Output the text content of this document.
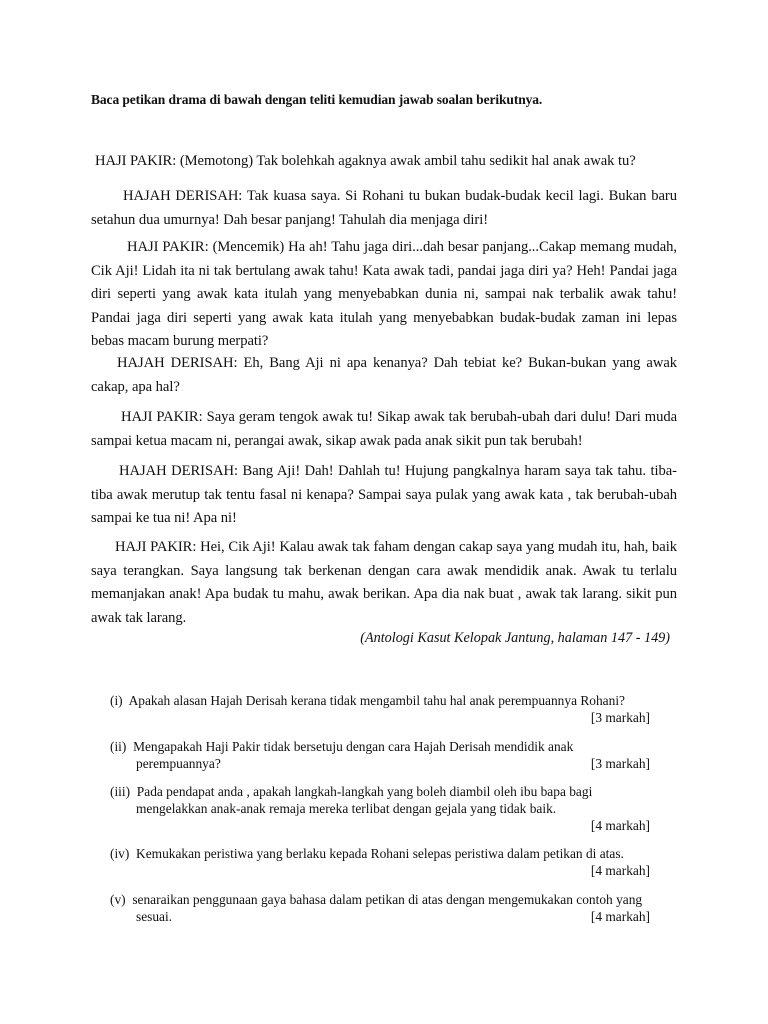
Baca petikan drama di bawah dengan teliti kemudian jawab soalan berikutnya.
HAJI PAKIR: (Memotong) Tak bolehkah agaknya awak ambil tahu sedikit hal anak awak tu?
HAJAH DERISAH: Tak kuasa saya. Si Rohani tu bukan budak-budak kecil lagi. Bukan baru setahun dua umurnya! Dah besar panjang! Tahulah dia menjaga diri!
HAJI PAKIR: (Mencemik) Ha ah! Tahu jaga diri...dah besar panjang...Cakap memang mudah, Cik Aji! Lidah ita ni tak bertulang awak tahu! Kata awak tadi, pandai jaga diri ya? Heh! Pandai jaga diri seperti yang awak kata itulah yang menyebabkan dunia ni, sampai nak terbalik awak tahu! Pandai jaga diri seperti yang awak kata itulah yang menyebabkan budak-budak zaman ini lepas bebas macam burung merpati?
HAJAH DERISAH: Eh, Bang Aji ni apa kenanya? Dah tebiat ke? Bukan-bukan yang awak cakap, apa hal?
HAJI PAKIR: Saya geram tengok awak tu! Sikap awak tak berubah-ubah dari dulu! Dari muda sampai ketua macam ni, perangai awak, sikap awak pada anak sikit pun tak berubah!
HAJAH DERISAH: Bang Aji! Dah! Dahlah tu! Hujung pangkalnya haram saya tak tahu. tiba-tiba awak merutup tak tentu fasal ni kenapa? Sampai saya pulak yang awak kata , tak berubah-ubah sampai ke tua ni! Apa ni!
HAJI PAKIR: Hei, Cik Aji! Kalau awak tak faham dengan cakap saya yang mudah itu, hah, baik saya terangkan. Saya langsung tak berkenan dengan cara awak mendidik anak. Awak tu terlalu memanjakan anak! Apa budak tu mahu, awak berikan. Apa dia nak buat , awak tak larang. sikit pun awak tak larang.
(Antologi Kasut Kelopak Jantung, halaman 147 - 149)
(i) Apakah alasan Hajah Derisah kerana tidak mengambil tahu hal anak perempuannya Rohani?
[3 markah]
(ii) Mengapakah Haji Pakir tidak bersetuju dengan cara Hajah Derisah mendidik anak
perempuannya?	[3 markah]
(iii) Pada pendapat anda , apakah langkah-langkah yang boleh diambil oleh ibu bapa bagi
mengelakkan anak-anak remaja mereka terlibat dengan gejala yang tidak baik.
[4 markah]
(iv) Kemukakan peristiwa yang berlaku kepada Rohani selepas peristiwa dalam petikan di atas.
[4 markah]
(v) senaraikan penggunaan gaya bahasa dalam petikan di atas dengan mengemukakan contoh yang
sesuai.	[4 markah]
